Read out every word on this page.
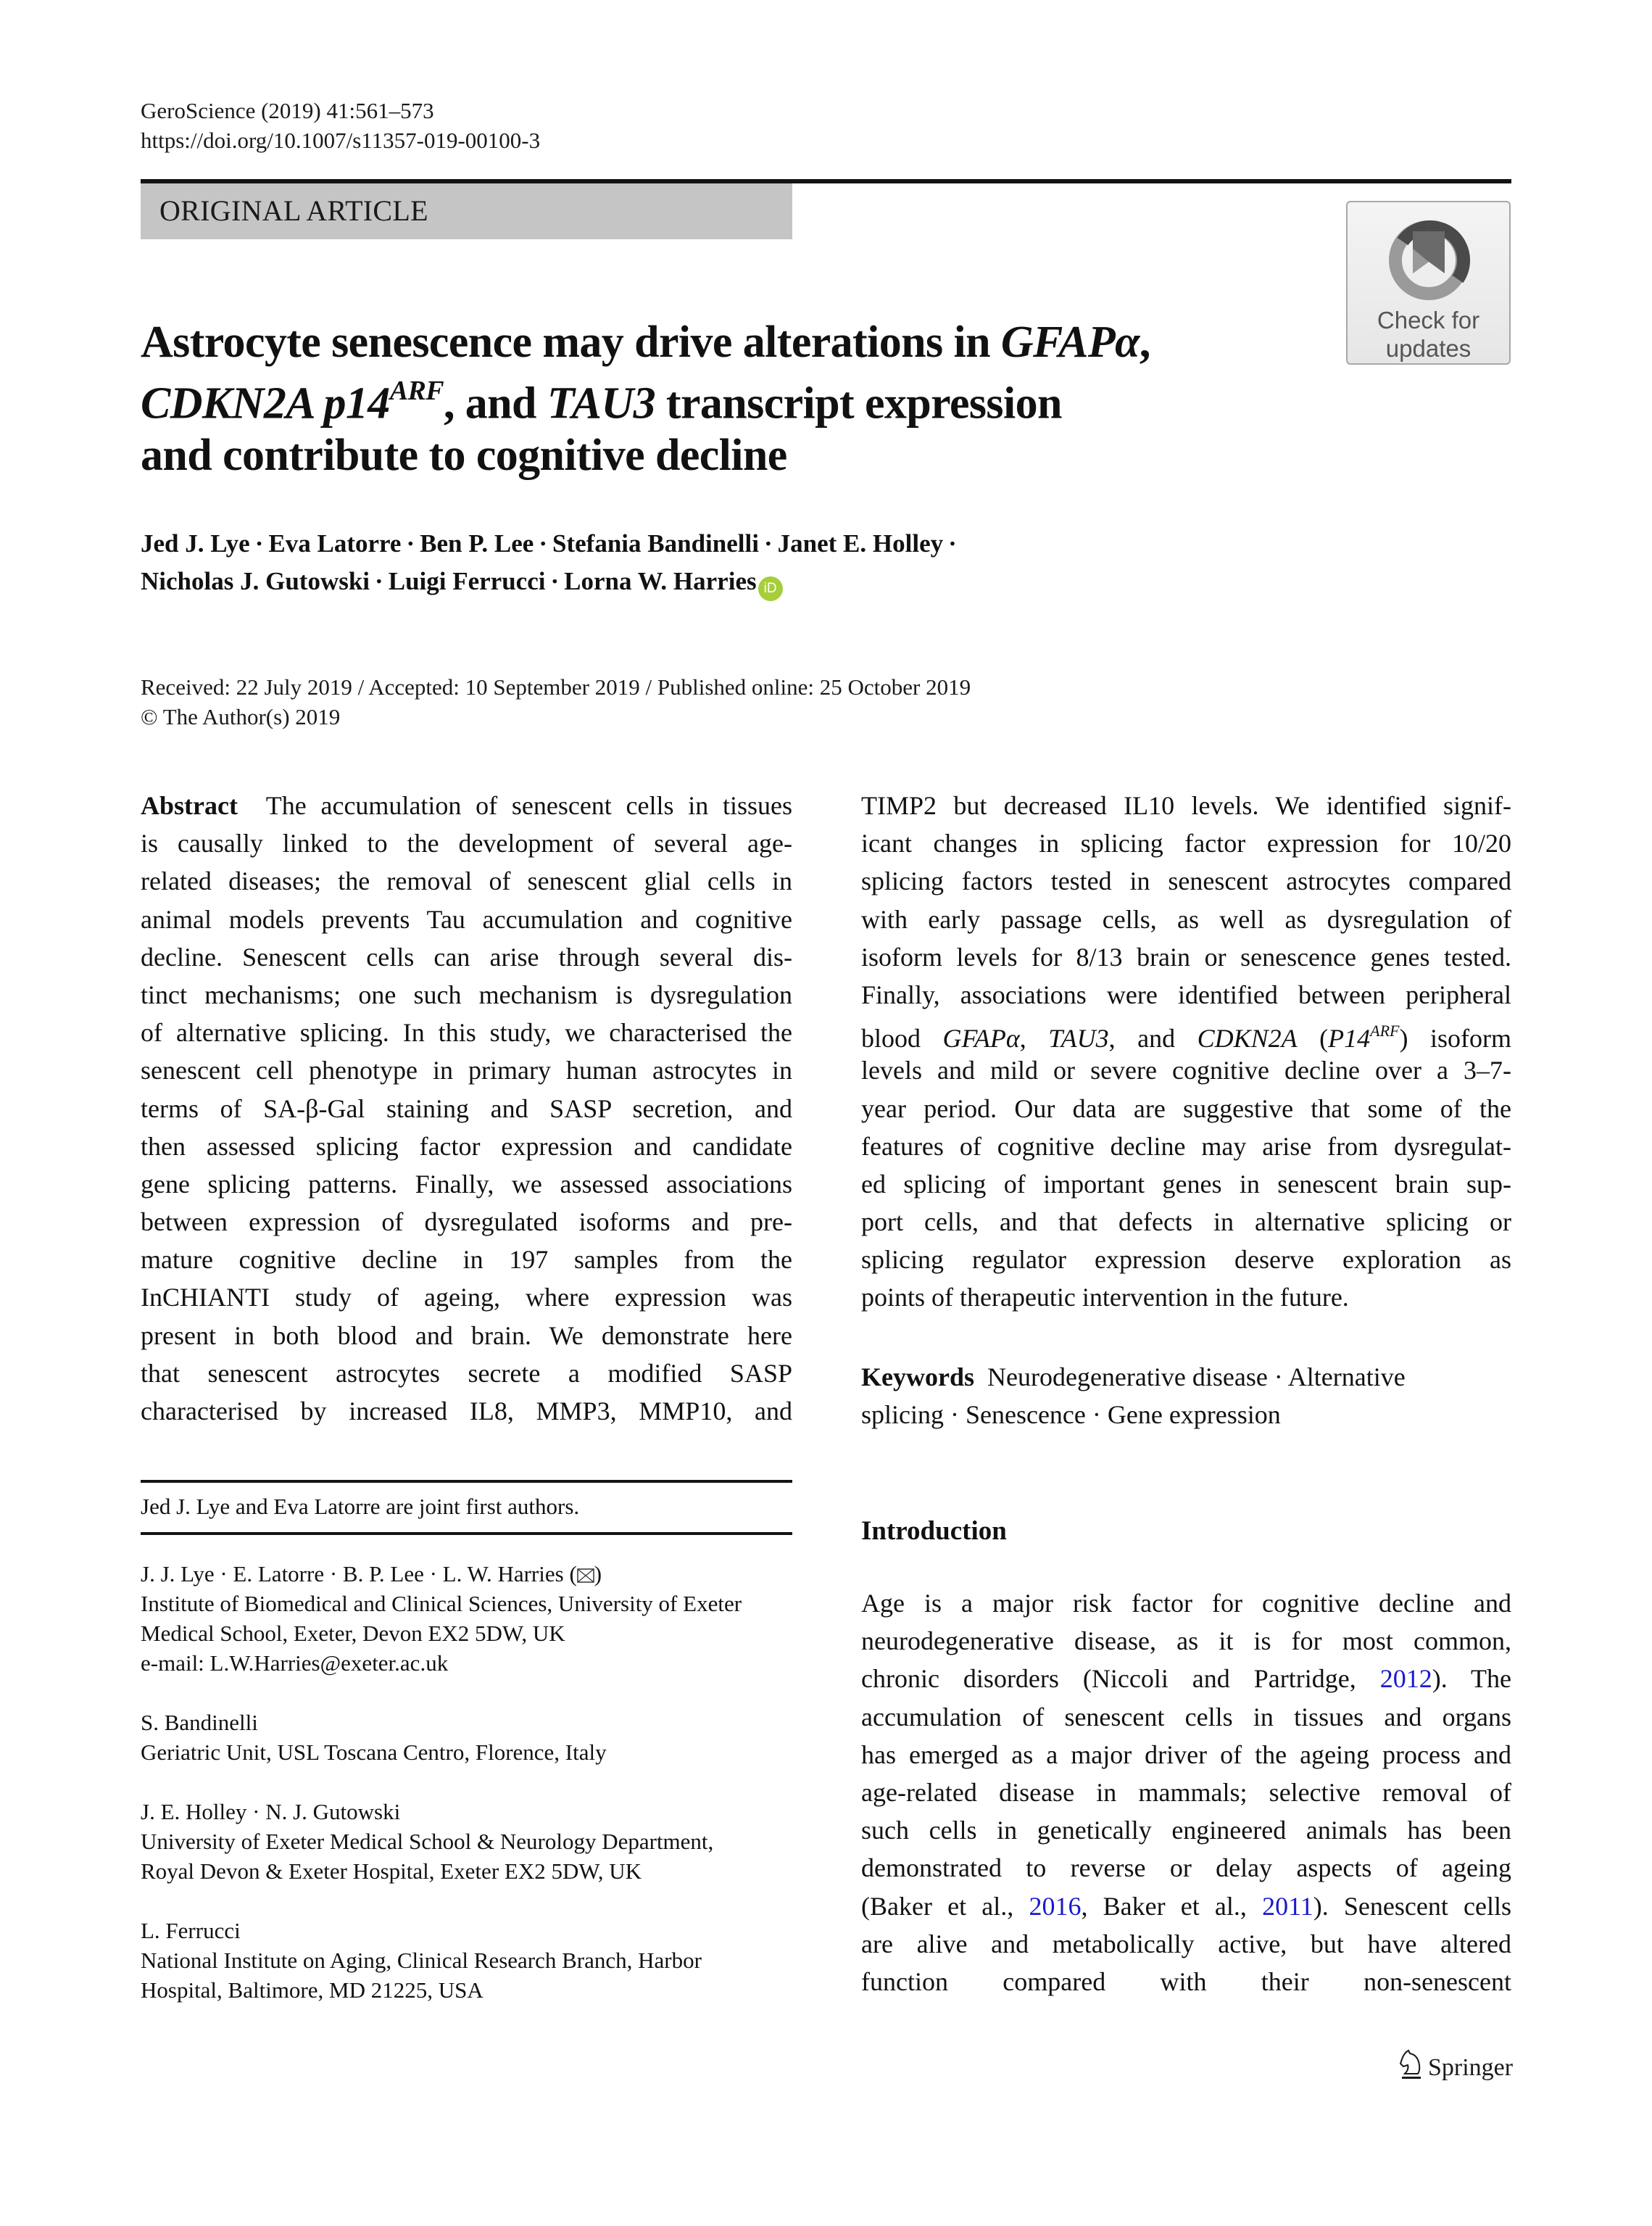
GeroScience (2019) 41:561–573
https://doi.org/10.1007/s11357-019-00100-3
ORIGINAL ARTICLE
Check for
updates
Astrocyte senescence may drive alterations in GFAPα,
CDKN2A $p14^{ARF}$, and TAU3 transcript expression
and contribute to cognitive decline
Jed J. Lye · Eva Latorre · Ben P. Lee · Stefania Bandinelli · Janet E. Holley ·
Nicholas J. Gutowski · Luigi Ferrucci · Lorna W. Harries iD
Received: 22 July 2019 / Accepted: 10 September 2019 / Published online: 25 October 2019
© The Author(s) 2019
Abstract The accumulation of senescent cells in tissues
is causally linked to the development of several age-
related diseases; the removal of senescent glial cells in
animal models prevents Tau accumulation and cognitive
decline. Senescent cells can arise through several dis-
tinct mechanisms; one such mechanism is dysregulation
of alternative splicing. In this study, we characterised the
senescent cell phenotype in primary human astrocytes in
terms of SA-β-Gal staining and SASP secretion, and
then assessed splicing factor expression and candidate
gene splicing patterns. Finally, we assessed associations
between expression of dysregulated isoforms and pre-
mature cognitive decline in 197 samples from the
InCHIANTI study of ageing, where expression was
present in both blood and brain. We demonstrate here
that senescent astrocytes secrete a modified SASP
characterised by increased IL8, MMP3, MMP10, and
TIMP2 but decreased IL10 levels. We identified signif-
icant changes in splicing factor expression for 10/20
splicing factors tested in senescent astrocytes compared
with early passage cells, as well as dysregulation of
isoform levels for 8/13 brain or senescence genes tested.
Finally, associations were identified between peripheral
blood GFAPα, TAU3, and CDKN2A $(P14^{ARF})$ isoform
levels and mild or severe cognitive decline over a 3–7-
year period. Our data are suggestive that some of the
features of cognitive decline may arise from dysregulat-
ed splicing of important genes in senescent brain sup-
port cells, and that defects in alternative splicing or
splicing regulator expression deserve exploration as
points of therapeutic intervention in the future.
Keywords Neurodegenerative disease · Alternative
splicing · Senescence · Gene expression
Jed J. Lye and Eva Latorre are joint first authors.
J. J. Lye · E. Latorre · B. P. Lee · L. W. Harries ( )
Institute of Biomedical and Clinical Sciences, University of Exeter
Medical School, Exeter, Devon EX2 5DW, UK
e-mail: L.W.Harries@exeter.ac.uk
S. Bandinelli
Geriatric Unit, USL Toscana Centro, Florence, Italy
J. E. Holley · N. J. Gutowski
University of Exeter Medical School & Neurology Department,
Royal Devon & Exeter Hospital, Exeter EX2 5DW, UK
L. Ferrucci
National Institute on Aging, Clinical Research Branch, Harbor
Hospital, Baltimore, MD 21225, USA
Introduction
Age is a major risk factor for cognitive decline and
neurodegenerative disease, as it is for most common,
chronic disorders (Niccoli and Partridge, 2012). The
accumulation of senescent cells in tissues and organs
has emerged as a major driver of the ageing process and
age-related disease in mammals; selective removal of
such cells in genetically engineered animals has been
demonstrated to reverse or delay aspects of ageing
(Baker et al., 2016, Baker et al., 2011). Senescent cells
are alive and metabolically active, but have altered
function compared with their non-senescent
Springer
